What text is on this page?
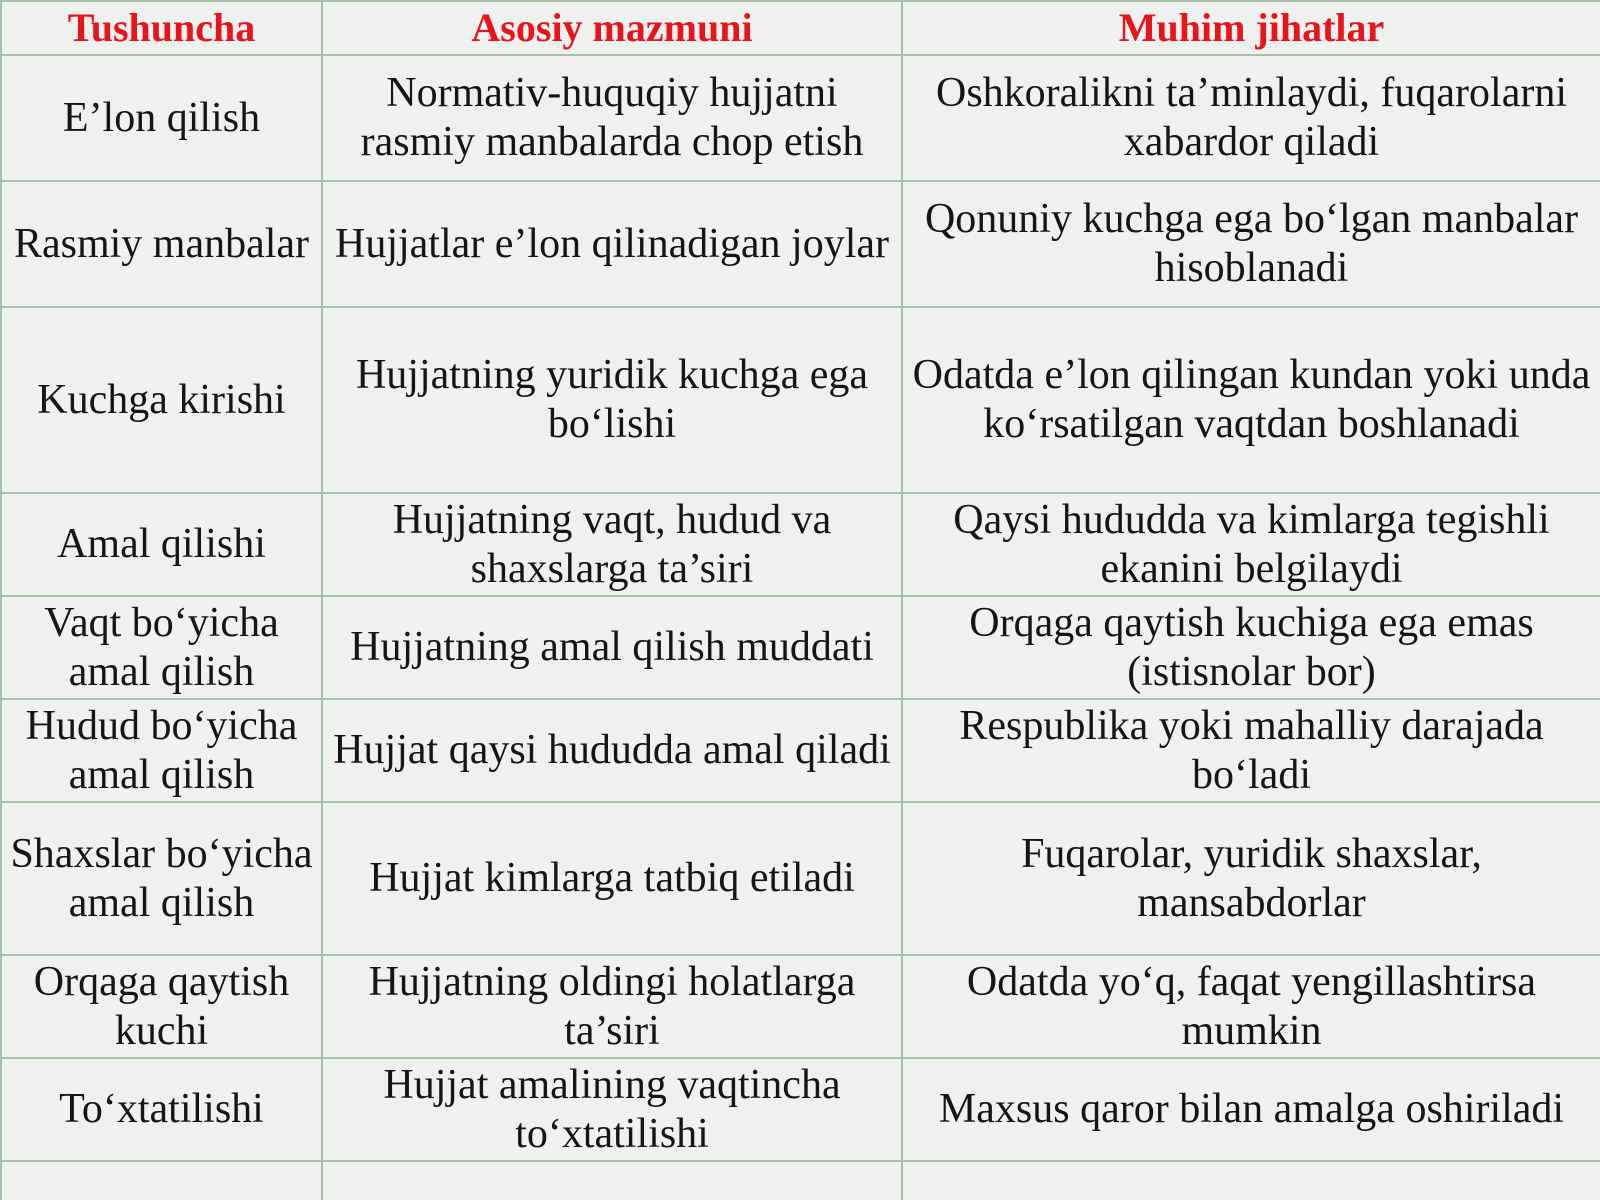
Tushuncha	Asosiy mazmuni	Muhim jihatlar
E’lon qilish	Normativ-huquqiy hujjatni rasmiy manbalarda chop etish	Oshkoralikni ta’minlaydi, fuqarolarni xabardor qiladi
Rasmiy manbalar	Hujjatlar e’lon qilinadigan joylar	Qonuniy kuchga ega bo‘lgan manbalar hisoblanadi
Kuchga kirishi	Hujjatning yuridik kuchga ega bo‘lishi	Odatda e’lon qilingan kundan yoki unda ko‘rsatilgan vaqtdan boshlanadi
Amal qilishi	Hujjatning vaqt, hudud va shaxslarga ta’siri	Qaysi hududda va kimlarga tegishli ekanini belgilaydi
Vaqt bo‘yicha amal qilish	Hujjatning amal qilish muddati	Orqaga qaytish kuchiga ega emas (istisnolar bor)
Hudud bo‘yicha amal qilish	Hujjat qaysi hududda amal qiladi	Respublika yoki mahalliy darajada bo‘ladi
Shaxslar bo‘yicha amal qilish	Hujjat kimlarga tatbiq etiladi	Fuqarolar, yuridik shaxslar, mansabdorlar
Orqaga qaytish kuchi	Hujjatning oldingi holatlarga ta’siri	Odatda yo‘q, faqat yengillashtirsa mumkin
To‘xtatilishi	Hujjat amalining vaqtincha to‘xtatilishi	Maxsus qaror bilan amalga oshiriladi
